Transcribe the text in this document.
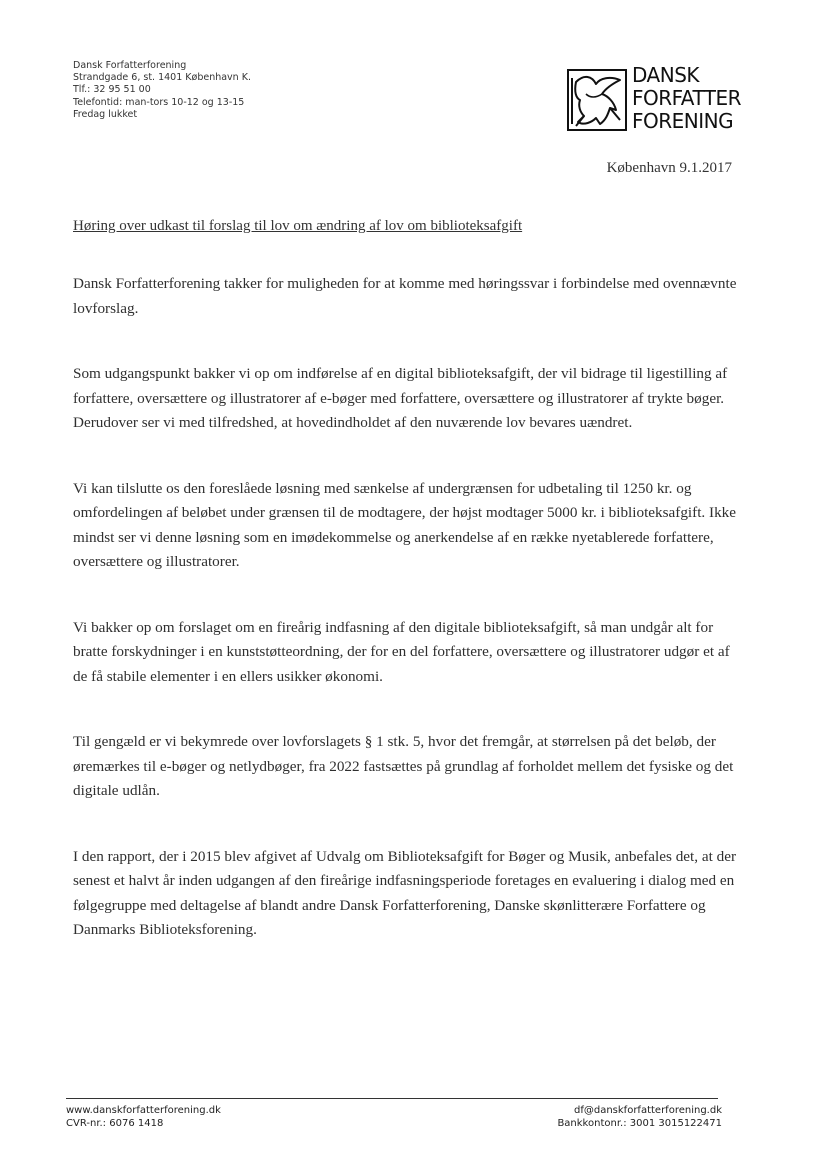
Dansk Forfatterforening
Strandgade 6, st. 1401 København K.
Tlf.: 32 95 51 00
Telefontid: man-tors 10-12 og 13-15
Fredag lukket
DANSK
FORFATTER
FORENING
København 9.1.2017
Høring over udkast til forslag til lov om ændring af lov om biblioteksafgift

Dansk Forfatterforening takker for muligheden for at komme med høringssvar i forbindelse med ovennævnte lovforslag.

Som udgangspunkt bakker vi op om indførelse af en digital biblioteksafgift, der vil bidrage til ligestilling af forfattere, oversættere og illustratorer af e-bøger med forfattere, oversættere og illustratorer af trykte bøger. Derudover ser vi med tilfredshed, at hovedindholdet af den nuværende lov bevares uændret.

Vi kan tilslutte os den foreslåede løsning med sænkelse af undergrænsen for udbetaling til 1250 kr. og omfordelingen af beløbet under grænsen til de modtagere, der højst modtager 5000 kr. i biblioteksafgift. Ikke mindst ser vi denne løsning som en imødekommelse og anerkendelse af en række nyetablerede forfattere, oversættere og illustratorer.

Vi bakker op om forslaget om en fireårig indfasning af den digitale biblioteksafgift, så man undgår alt for bratte forskydninger i en kunststøtteordning, der for en del forfattere, oversættere og illustratorer udgør et af de få stabile elementer i en ellers usikker økonomi.

Til gengæld er vi bekymrede over lovforslagets § 1 stk. 5, hvor det fremgår, at størrelsen på det beløb, der øremærkes til e-bøger og netlydbøger, fra 2022 fastsættes på grundlag af forholdet mellem det fysiske og det digitale udlån.

I den rapport, der i 2015 blev afgivet af Udvalg om Biblioteksafgift for Bøger og Musik, anbefales det, at der senest et halvt år inden udgangen af den fireårige indfasningsperiode foretages en evaluering i dialog med en følgegruppe med deltagelse af blandt andre Dansk Forfatterforening, Danske skønlitterære Forfattere og Danmarks Biblioteksforening.

www.danskforfatterforening.dk
CVR-nr.: 6076 1418
df@danskforfatterforening.dk
Bankkontonr.: 3001 3015122471
